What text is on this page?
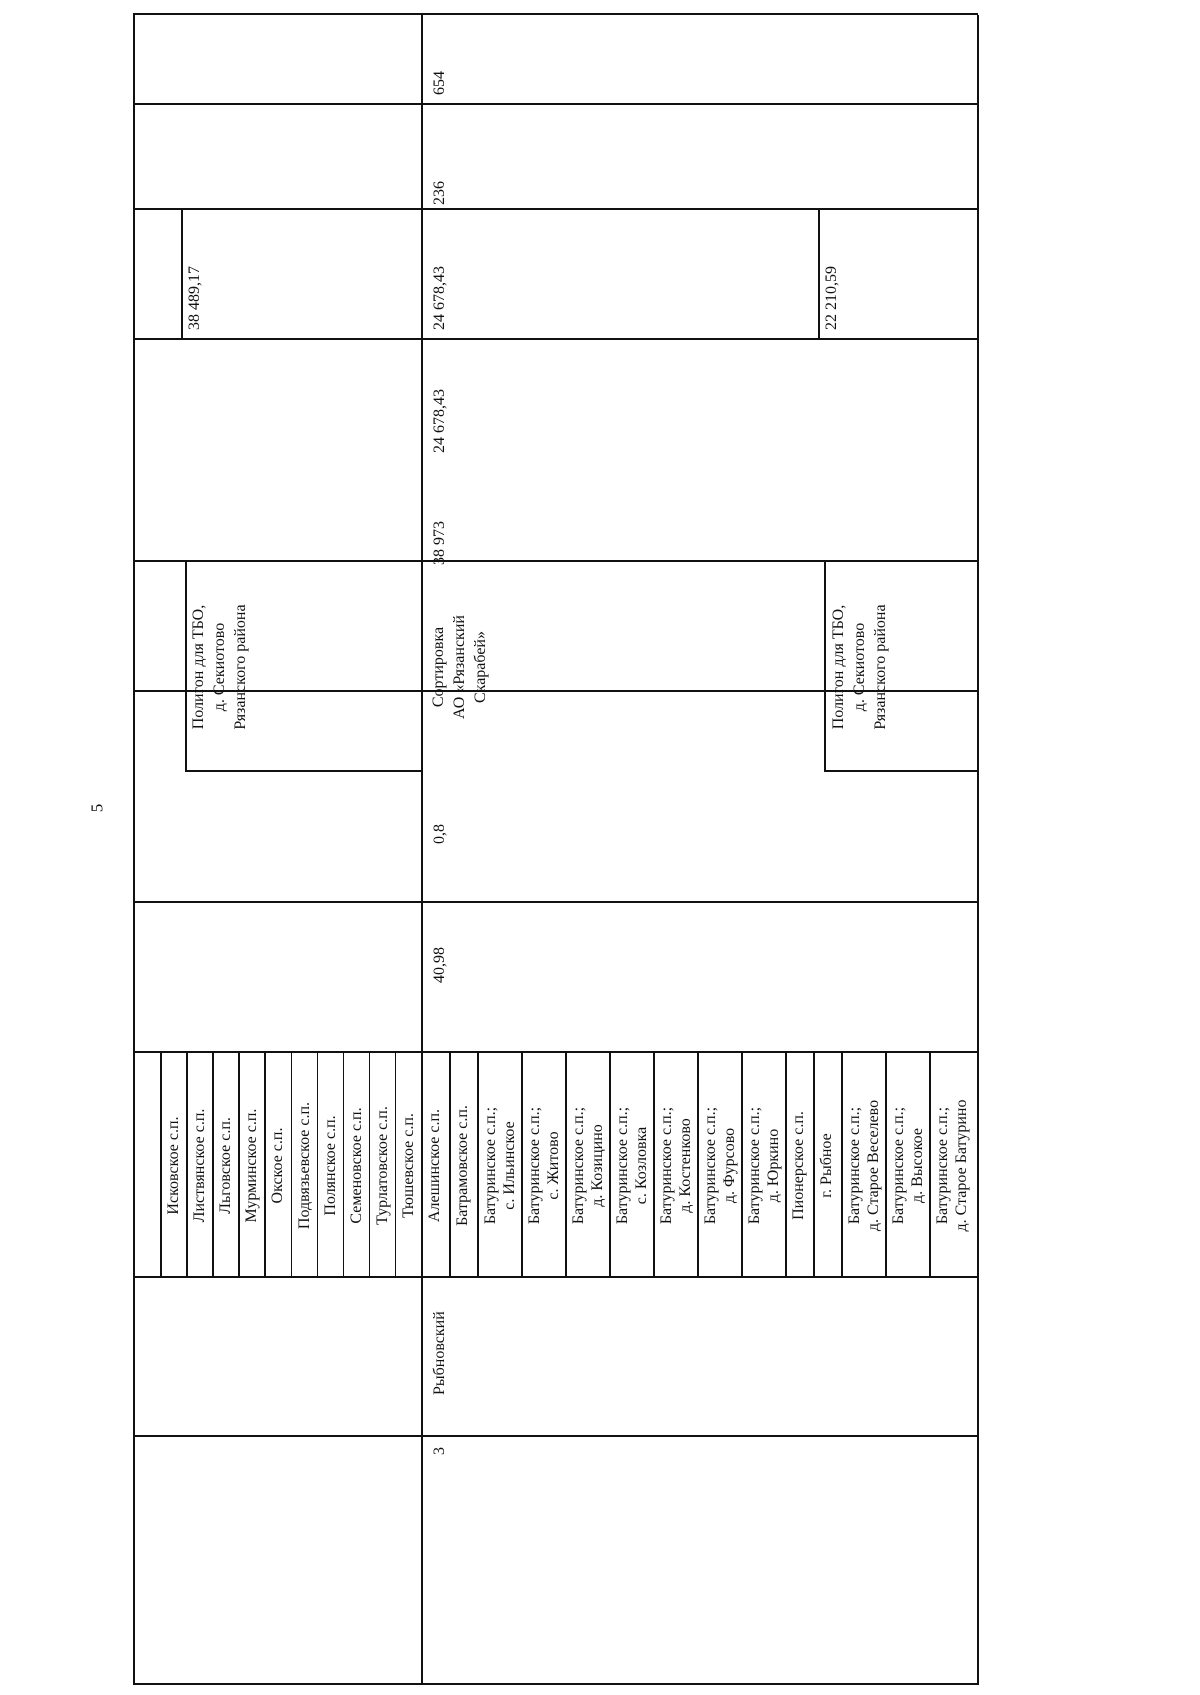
5
Исковское с.п. Листвянское с.п. Льговское с.п. Мурминское с.п. Окское с.п. Подвязьевское с.п. Полянское с.п. Семеновское с.п. Турлатовское с.п. Тюшевское с.п.
Полигон для ТБО, д. Секиотово Рязанского района
38 489,17
3
Рыбновский
Алешинское с.п. Батрамовское с.п. Батуринское с.п.; с. Ильинское Батуринское с.п.; с. Житово Батуринское с.п.; д. Козицино Батуринское с.п.; с. Козловка Батуринское с.п.; д. Костенково Батуринское с.п.; д. Фурсово Батуринское с.п.; д. Юркино Пионерское с.п. г. Рыбное Батуринское с.п.; д. Старое Веселево Батуринское с.п.; д. Высокое Батуринское с.п.; д. Старое Батурино
40,98
0,8
Сортировка АО «Рязанский Скарабей»	Полигон для ТБО, д. Секиотово Рязанского района
38 973
24 678,43
24 678,43	22 210,59
236
654
